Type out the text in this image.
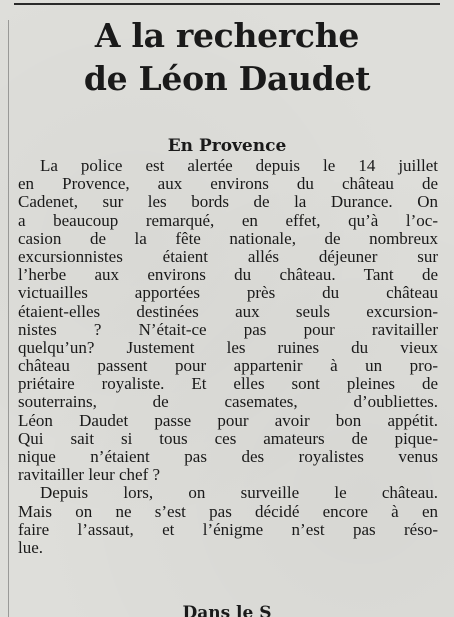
A la recherche
de Léon Daudet
En Provence
La police est alertée depuis le 14 juillet
en Provence, aux environs du château de
Cadenet, sur les bords de la Durance. On
a beaucoup remarqué, en effet, qu’à l’oc-
casion de la fête nationale, de nombreux
excursionnistes étaient allés déjeuner sur
l’herbe aux environs du château. Tant de
victuailles apportées près du château
étaient-elles destinées aux seuls excursion-
nistes ? N’était-ce pas pour ravitailler
quelqu’un? Justement les ruines du vieux
château passent pour appartenir à un pro-
priétaire royaliste. Et elles sont pleines de
souterrains, de casemates, d’oubliettes.
Léon Daudet passe pour avoir bon appétit.
Qui sait si tous ces amateurs de pique-
nique n’étaient pas des royalistes venus
ravitailler leur chef ?
Depuis lors, on surveille le château.
Mais on ne s’est pas décidé encore à en
faire l’assaut, et l’énigme n’est pas réso-
lue.
Dans le S
